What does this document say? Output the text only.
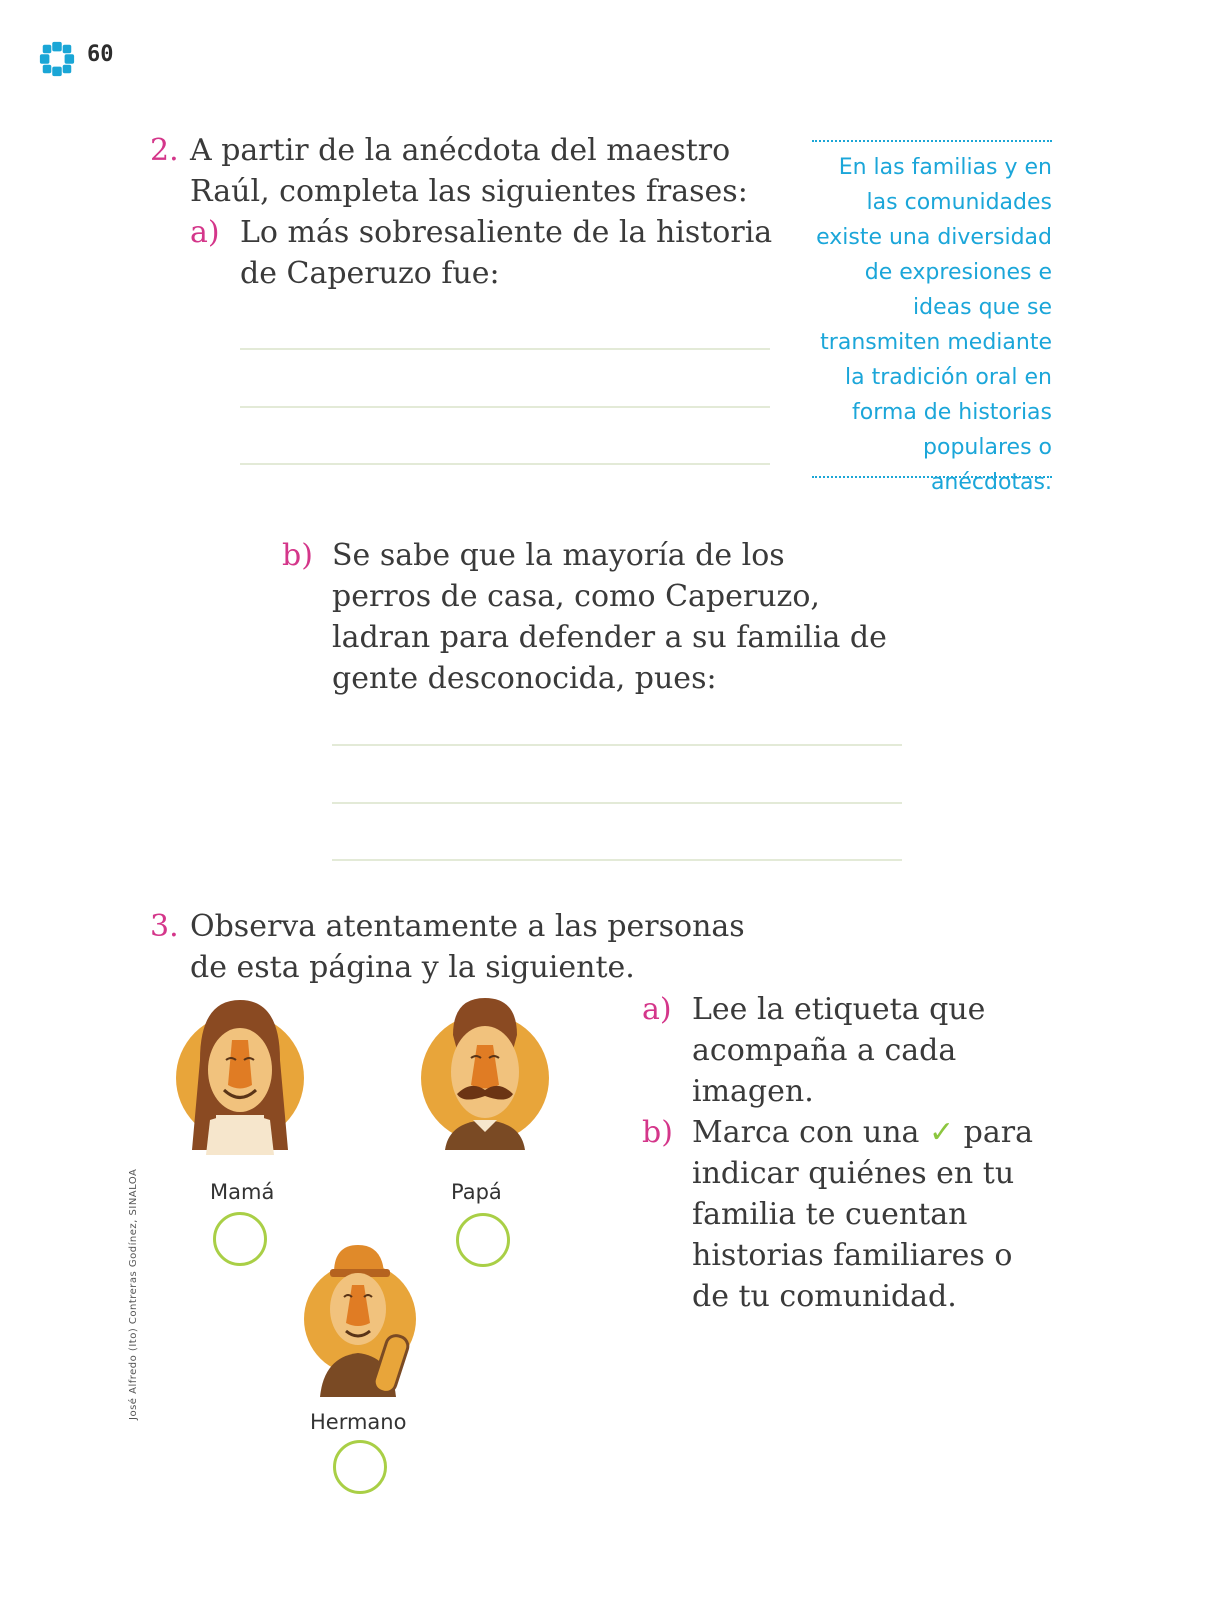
60
2. A partir de la anécdota del maestro Raúl, completa las siguientes frases:
a) Lo más sobresaliente de la historia de Caperuzo fue:
En las familias y en las comunidades existe una diversidad de expresiones e ideas que se transmiten mediante la tradición oral en forma de historias populares o anécdotas.
b) Se sabe que la mayoría de los perros de casa, como Caperuzo, ladran para defender a su familia de gente desconocida, pues:
3. Observa atentamente a las personas de esta página y la siguiente.
a) Lee la etiqueta que acompaña a cada imagen.
b) Marca con una ✓ para indicar quiénes en tu familia te cuentan historias familiares o de tu comunidad.
José Alfredo (Ito) Contreras Godínez, SINALOA	Mamá	Papá
Hermano
